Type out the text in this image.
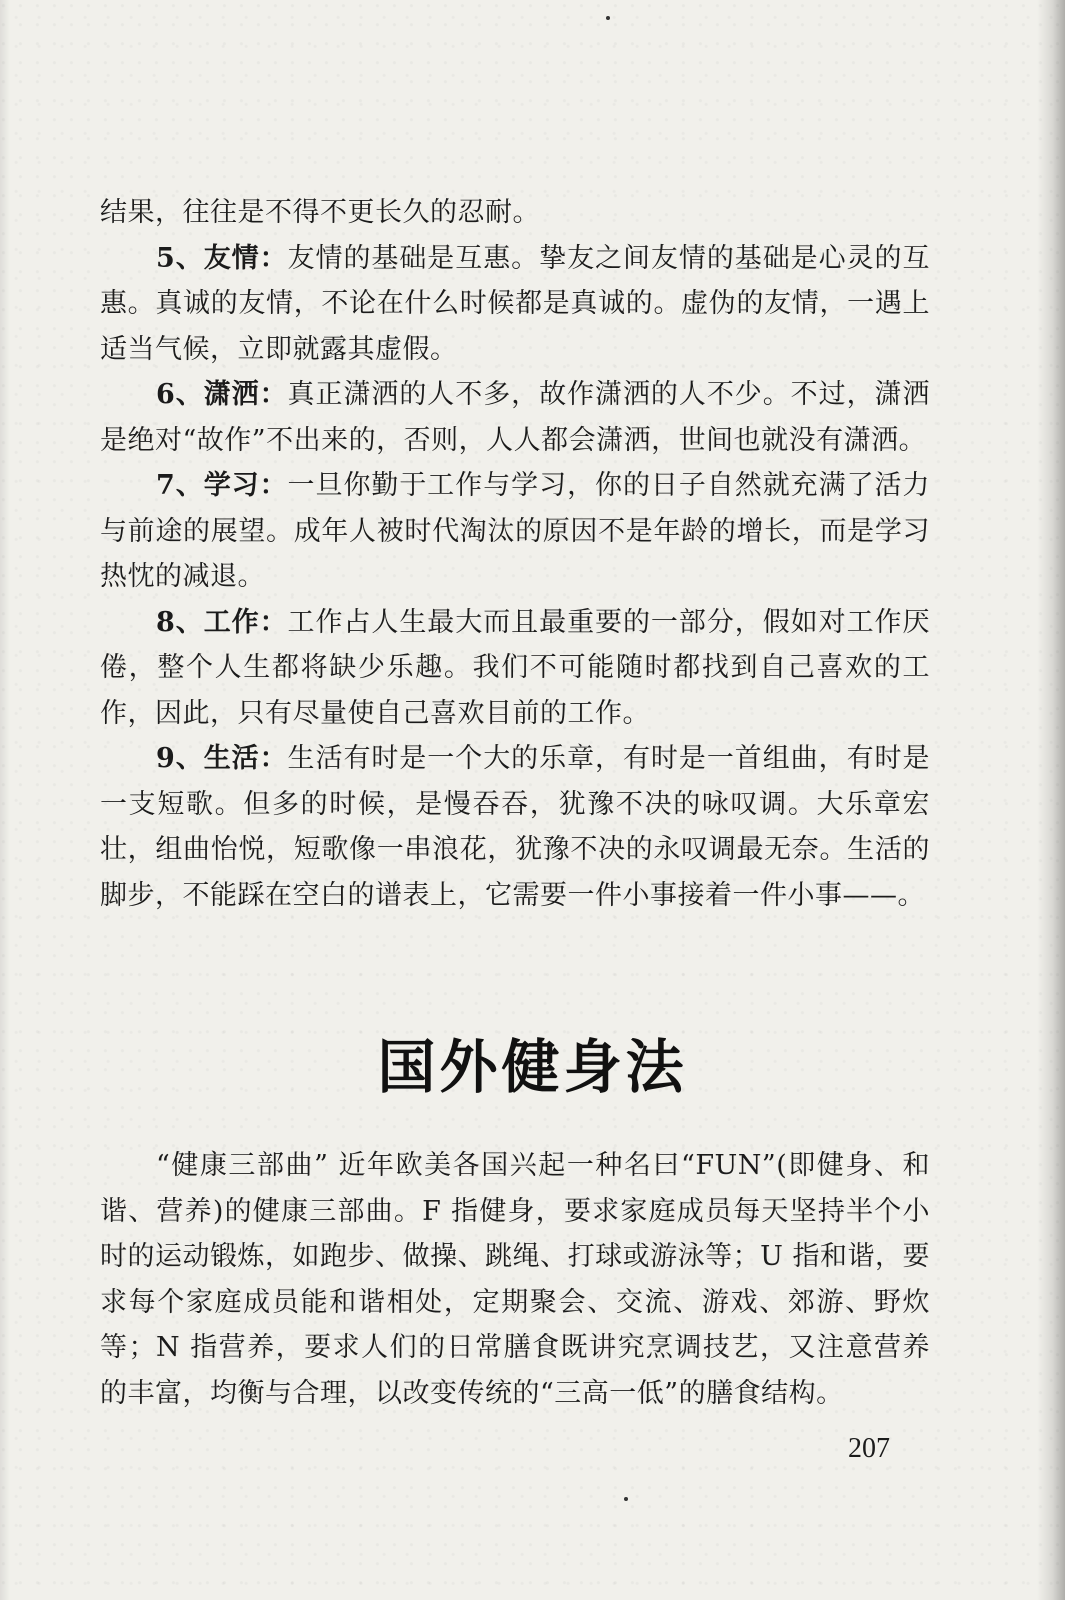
结果，往往是不得不更长久的忍耐。

5、友情：友情的基础是互惠。挚友之间友情的基础是心灵的互惠。真诚的友情，不论在什么时候都是真诚的。虚伪的友情，一遇上适当气候，立即就露其虚假。

6、潇洒：真正潇洒的人不多，故作潇洒的人不少。不过，潇洒是绝对“故作”不出来的，否则，人人都会潇洒，世间也就没有潇洒。

7、学习：一旦你勤于工作与学习，你的日子自然就充满了活力与前途的展望。成年人被时代淘汰的原因不是年龄的增长，而是学习热忱的减退。

8、工作：工作占人生最大而且最重要的一部分，假如对工作厌倦，整个人生都将缺少乐趣。我们不可能随时都找到自己喜欢的工作，因此，只有尽量使自己喜欢目前的工作。

9、生活：生活有时是一个大的乐章，有时是一首组曲，有时是一支短歌。但多的时候，是慢吞吞，犹豫不决的咏叹调。大乐章宏壮，组曲怡悦，短歌像一串浪花，犹豫不决的永叹调最无奈。生活的脚步，不能踩在空白的谱表上，它需要一件小事接着一件小事——。

国外健身法

“健康三部曲” 近年欧美各国兴起一种名曰“FUN”(即健身、和谐、营养)的健康三部曲。F 指健身，要求家庭成员每天坚持半个小时的运动锻炼，如跑步、做操、跳绳、打球或游泳等；U 指和谐，要求每个家庭成员能和谐相处，定期聚会、交流、游戏、郊游、野炊等；N 指营养，要求人们的日常膳食既讲究烹调技艺，又注意营养的丰富，均衡与合理，以改变传统的“三高一低”的膳食结构。

207
